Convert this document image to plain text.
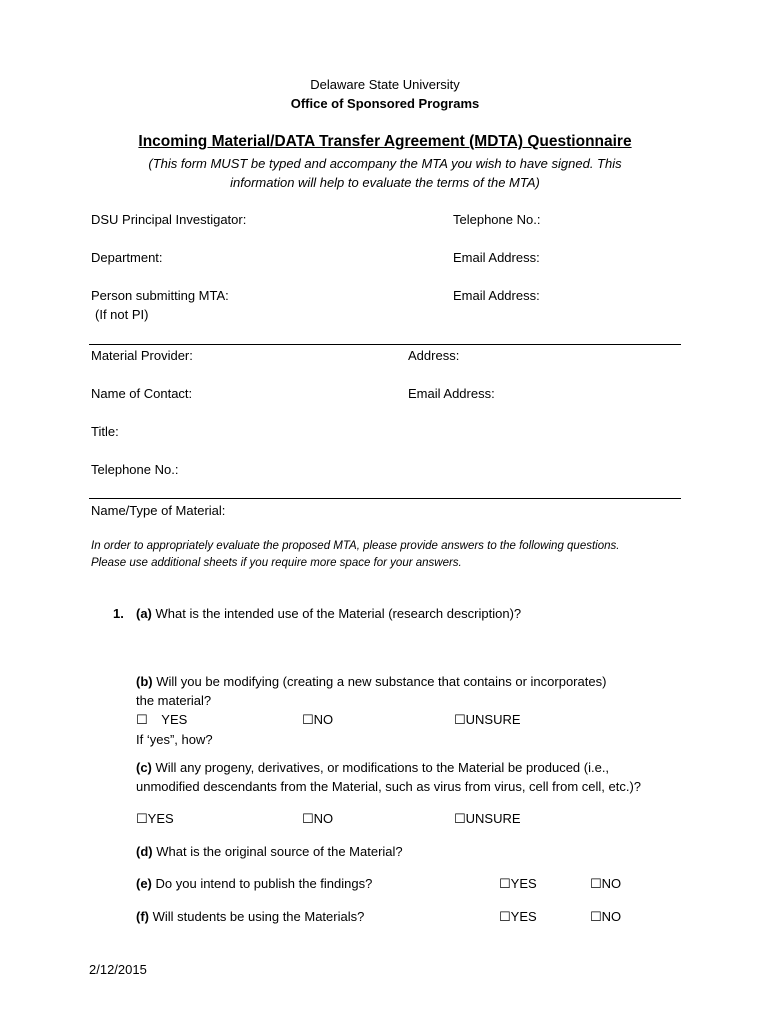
Delaware State University
Office of Sponsored Programs
Incoming Material/DATA Transfer Agreement (MDTA) Questionnaire
(This form MUST be typed and accompany the MTA you wish to have signed. This
information will help to evaluate the terms of the MTA)
DSU Principal Investigator:	Telephone No.:
Department:	Email Address:
Person submitting MTA:	Email Address:
(If not PI)
Material Provider:	Address:
Name of Contact:	Email Address:
Title:
Telephone No.:
Name/Type of Material:
In order to appropriately evaluate the proposed MTA, please provide answers to the following questions.
Please use additional sheets if you require more space for your answers.
1. (a) What is the intended use of the Material (research description)?
(b) Will you be modifying (creating a new substance that contains or incorporates)
the material?
☐ YES	☐NO	☐UNSURE
If ‘yes”, how?
(c) Will any progeny, derivatives, or modifications to the Material be produced (i.e.,
unmodified descendants from the Material, such as virus from virus, cell from cell, etc.)?
☐YES	☐NO	☐UNSURE
(d) What is the original source of the Material?
(e) Do you intend to publish the findings?	☐YES	☐NO
(f) Will students be using the Materials?	☐YES	☐NO
2/12/2015
